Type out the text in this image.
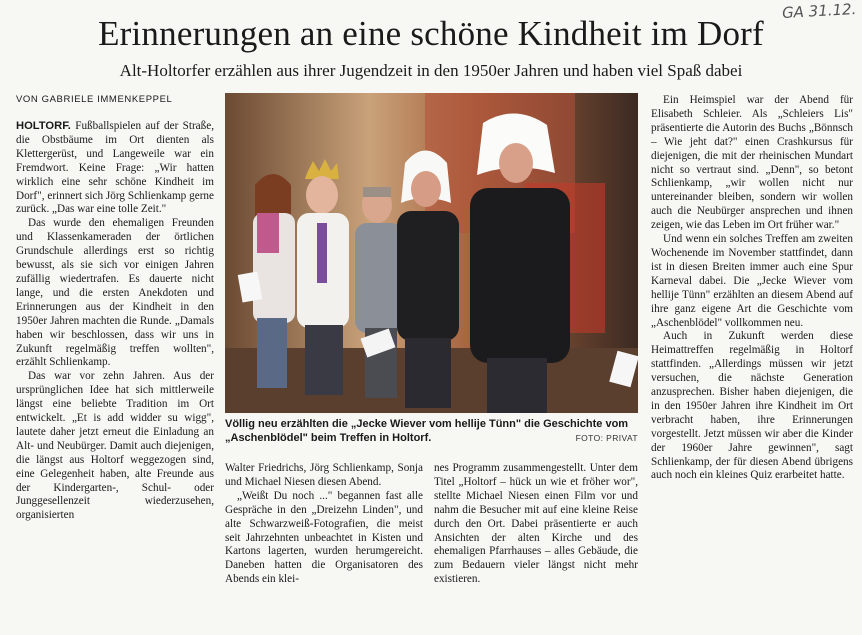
GA 31.12.
Erinnerungen an eine schöne Kindheit im Dorf
Alt-Holtorfer erzählen aus ihrer Jugendzeit in den 1950er Jahren und haben viel Spaß dabei
VON GABRIELE IMMENKEPPEL

HOLTORF. Fußballspielen auf der Straße, die Obstbäume im Ort dienten als Klettergerüst, und Langeweile war ein Fremdwort. Keine Frage: „Wir hatten wirklich eine sehr schöne Kindheit im Dorf", erinnert sich Jörg Schlienkamp gerne zurück. „Das war eine tolle Zeit."

Das wurde den ehemaligen Freunden und Klassenkameraden der örtlichen Grundschule allerdings erst so richtig bewusst, als sie sich vor einigen Jahren zufällig wiedertrafen. Es dauerte nicht lange, und die ersten Anekdoten und Erinnerungen aus der Kindheit in den 1950er Jahren machten die Runde. „Damals haben wir beschlossen, dass wir uns in Zukunft regelmäßig treffen wollten", erzählt Schlienkamp.

Das war vor zehn Jahren. Aus der ursprünglichen Idee hat sich mittlerweile längst eine beliebte Tradition im Ort entwickelt. „Et is add widder su wigg", lautete daher jetzt erneut die Einladung an Alt- und Neubürger. Damit auch diejenigen, die längst aus Holtorf weggezogen sind, eine Gelegenheit haben, alte Freunde aus der Kindergarten-, Schul- oder Junggesellenzeit wiederzusehen, organisierten

Völlig neu erzählten die „Jecke Wiever vom hellije Tünn" die Geschichte vom „Aschenblödel" beim Treffen in Holtorf.	FOTO: PRIVAT

Walter Friedrichs, Jörg Schlienkamp, Sonja und Michael Niesen diesen Abend.

„Weißt Du noch ..." begannen fast alle Gespräche in den „Dreizehn Linden", und alte Schwarzweiß-Fotografien, die meist seit Jahrzehnten unbeachtet in Kisten und Kartons lagerten, wurden herumgereicht. Daneben hatten die Organisatoren des Abends ein klei-

nes Programm zusammengestellt. Unter dem Titel „Holtorf – hück un wie et fröher wor", stellte Michael Niesen einen Film vor und nahm die Besucher mit auf eine kleine Reise durch den Ort. Dabei präsentierte er auch Ansichten der alten Kirche und des ehemaligen Pfarrhauses – alles Gebäude, die zum Bedauern vieler längst nicht mehr existieren.

Ein Heimspiel war der Abend für Elisabeth Schleier. Als „Schleiers Lis" präsentierte die Autorin des Buchs „Bönnsch – Wie jeht dat?" einen Crashkursus für diejenigen, die mit der rheinischen Mundart nicht so vertraut sind. „Denn", so betont Schlienkamp, „wir wollen nicht nur untereinander bleiben, sondern wir wollen auch die Neubürger ansprechen und ihnen zeigen, wie das Leben im Ort früher war."

Und wenn ein solches Treffen am zweiten Wochenende im November stattfindet, dann ist in diesen Breiten immer auch eine Spur Karneval dabei. Die „Jecke Wiever vom hellije Tünn" erzählten an diesem Abend auf ihre ganz eigene Art die Geschichte vom „Aschenblödel" vollkommen neu.

Auch in Zukunft werden diese Heimattreffen regelmäßig in Holtorf stattfinden. „Allerdings müssen wir jetzt versuchen, die nächste Generation anzusprechen. Bisher haben diejenigen, die in den 1950er Jahren ihre Kindheit im Ort verbracht haben, ihre Erinnerungen vorgestellt. Jetzt müssen wir aber die Kinder der 1960er Jahre gewinnen", sagt Schlienkamp, der für diesen Abend übrigens auch noch ein kleines Quiz erarbeitet hatte.
